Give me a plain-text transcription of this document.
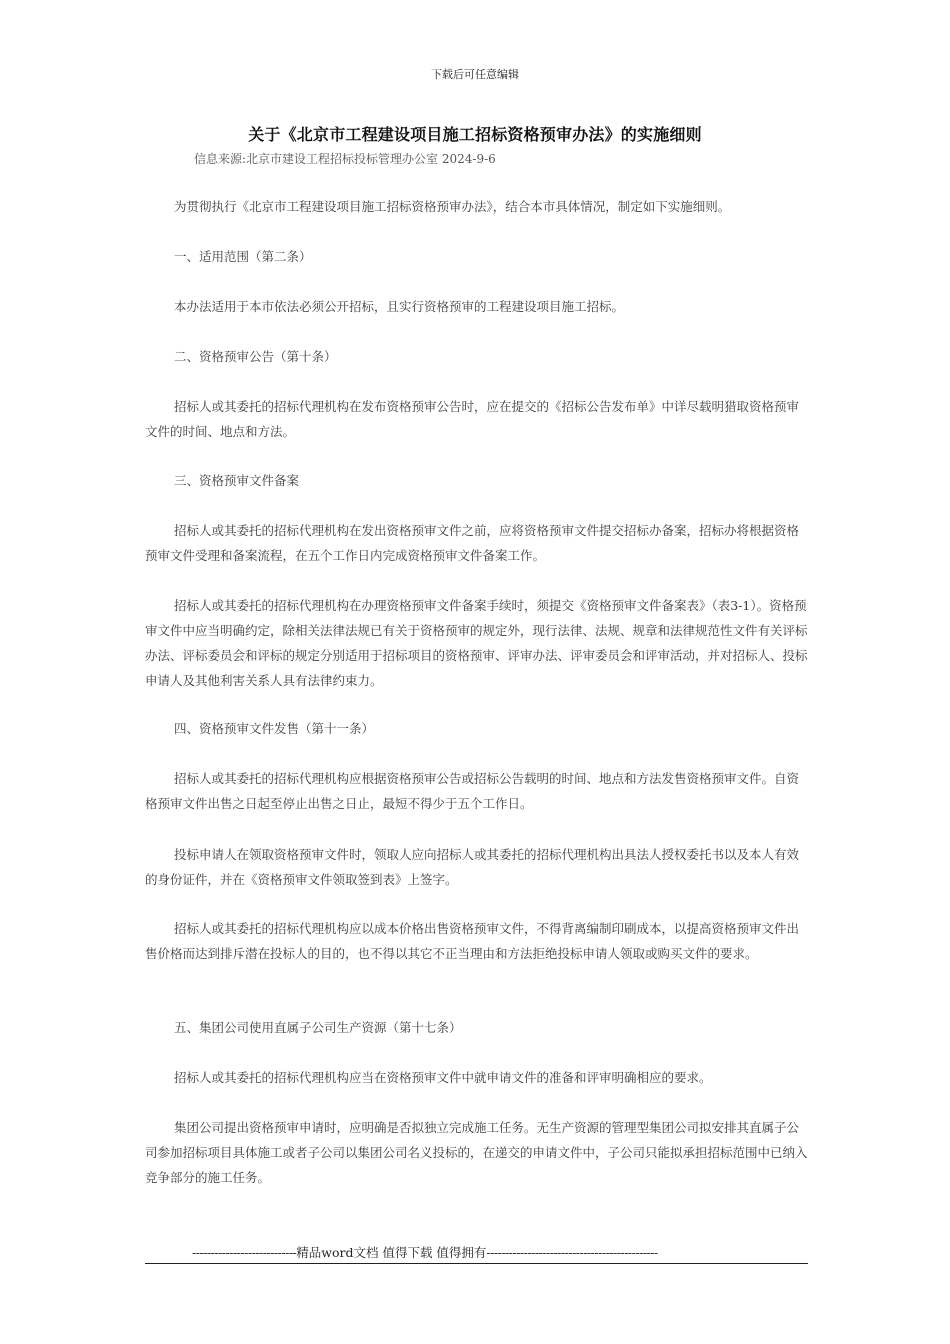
下载后可任意编辑
关于《北京市工程建设项目施工招标资格预审办法》的实施细则
信息来源:北京市建设工程招标投标管理办公室 2024-9-6

为贯彻执行《北京市工程建设项目施工招标资格预审办法》，结合本市具体情况，制定如下实施细则。

一、适用范围（第二条）

本办法适用于本市依法必须公开招标，且实行资格预审的工程建设项目施工招标。

二、资格预审公告（第十条）

招标人或其委托的招标代理机构在发布资格预审公告时，应在提交的《招标公告发布单》中详尽载明猎取资格预审文件的时间、地点和方法。

三、资格预审文件备案

招标人或其委托的招标代理机构在发出资格预审文件之前，应将资格预审文件提交招标办备案，招标办将根据资格预审文件受理和备案流程，在五个工作日内完成资格预审文件备案工作。

招标人或其委托的招标代理机构在办理资格预审文件备案手续时，须提交《资格预审文件备案表》（表3-1）。资格预审文件中应当明确约定，除相关法律法规已有关于资格预审的规定外，现行法律、法规、规章和法律规范性文件有关评标办法、评标委员会和评标的规定分别适用于招标项目的资格预审、评审办法、评审委员会和评审活动，并对招标人、投标申请人及其他利害关系人具有法律约束力。

四、资格预审文件发售（第十一条）

招标人或其委托的招标代理机构应根据资格预审公告或招标公告载明的时间、地点和方法发售资格预审文件。自资格预审文件出售之日起至停止出售之日止，最短不得少于五个工作日。

投标申请人在领取资格预审文件时，领取人应向招标人或其委托的招标代理机构出具法人授权委托书以及本人有效的身份证件，并在《资格预审文件领取签到表》上签字。

招标人或其委托的招标代理机构应以成本价格出售资格预审文件，不得背离编制印刷成本，以提高资格预审文件出售价格而达到排斥潜在投标人的目的，也不得以其它不正当理由和方法拒绝投标申请人领取或购买文件的要求。

五、集团公司使用直属子公司生产资源（第十七条）

招标人或其委托的招标代理机构应当在资格预审文件中就申请文件的准备和评审明确相应的要求。

集团公司提出资格预审申请时，应明确是否拟独立完成施工任务。无生产资源的管理型集团公司拟安排其直属子公司参加招标项目具体施工或者子公司以集团公司名义投标的，在递交的申请文件中，子公司只能拟承担招标范围中已纳入竞争部分的施工任务。

----------------------------精品word文档 值得下载 值得拥有----------------------------------------------
